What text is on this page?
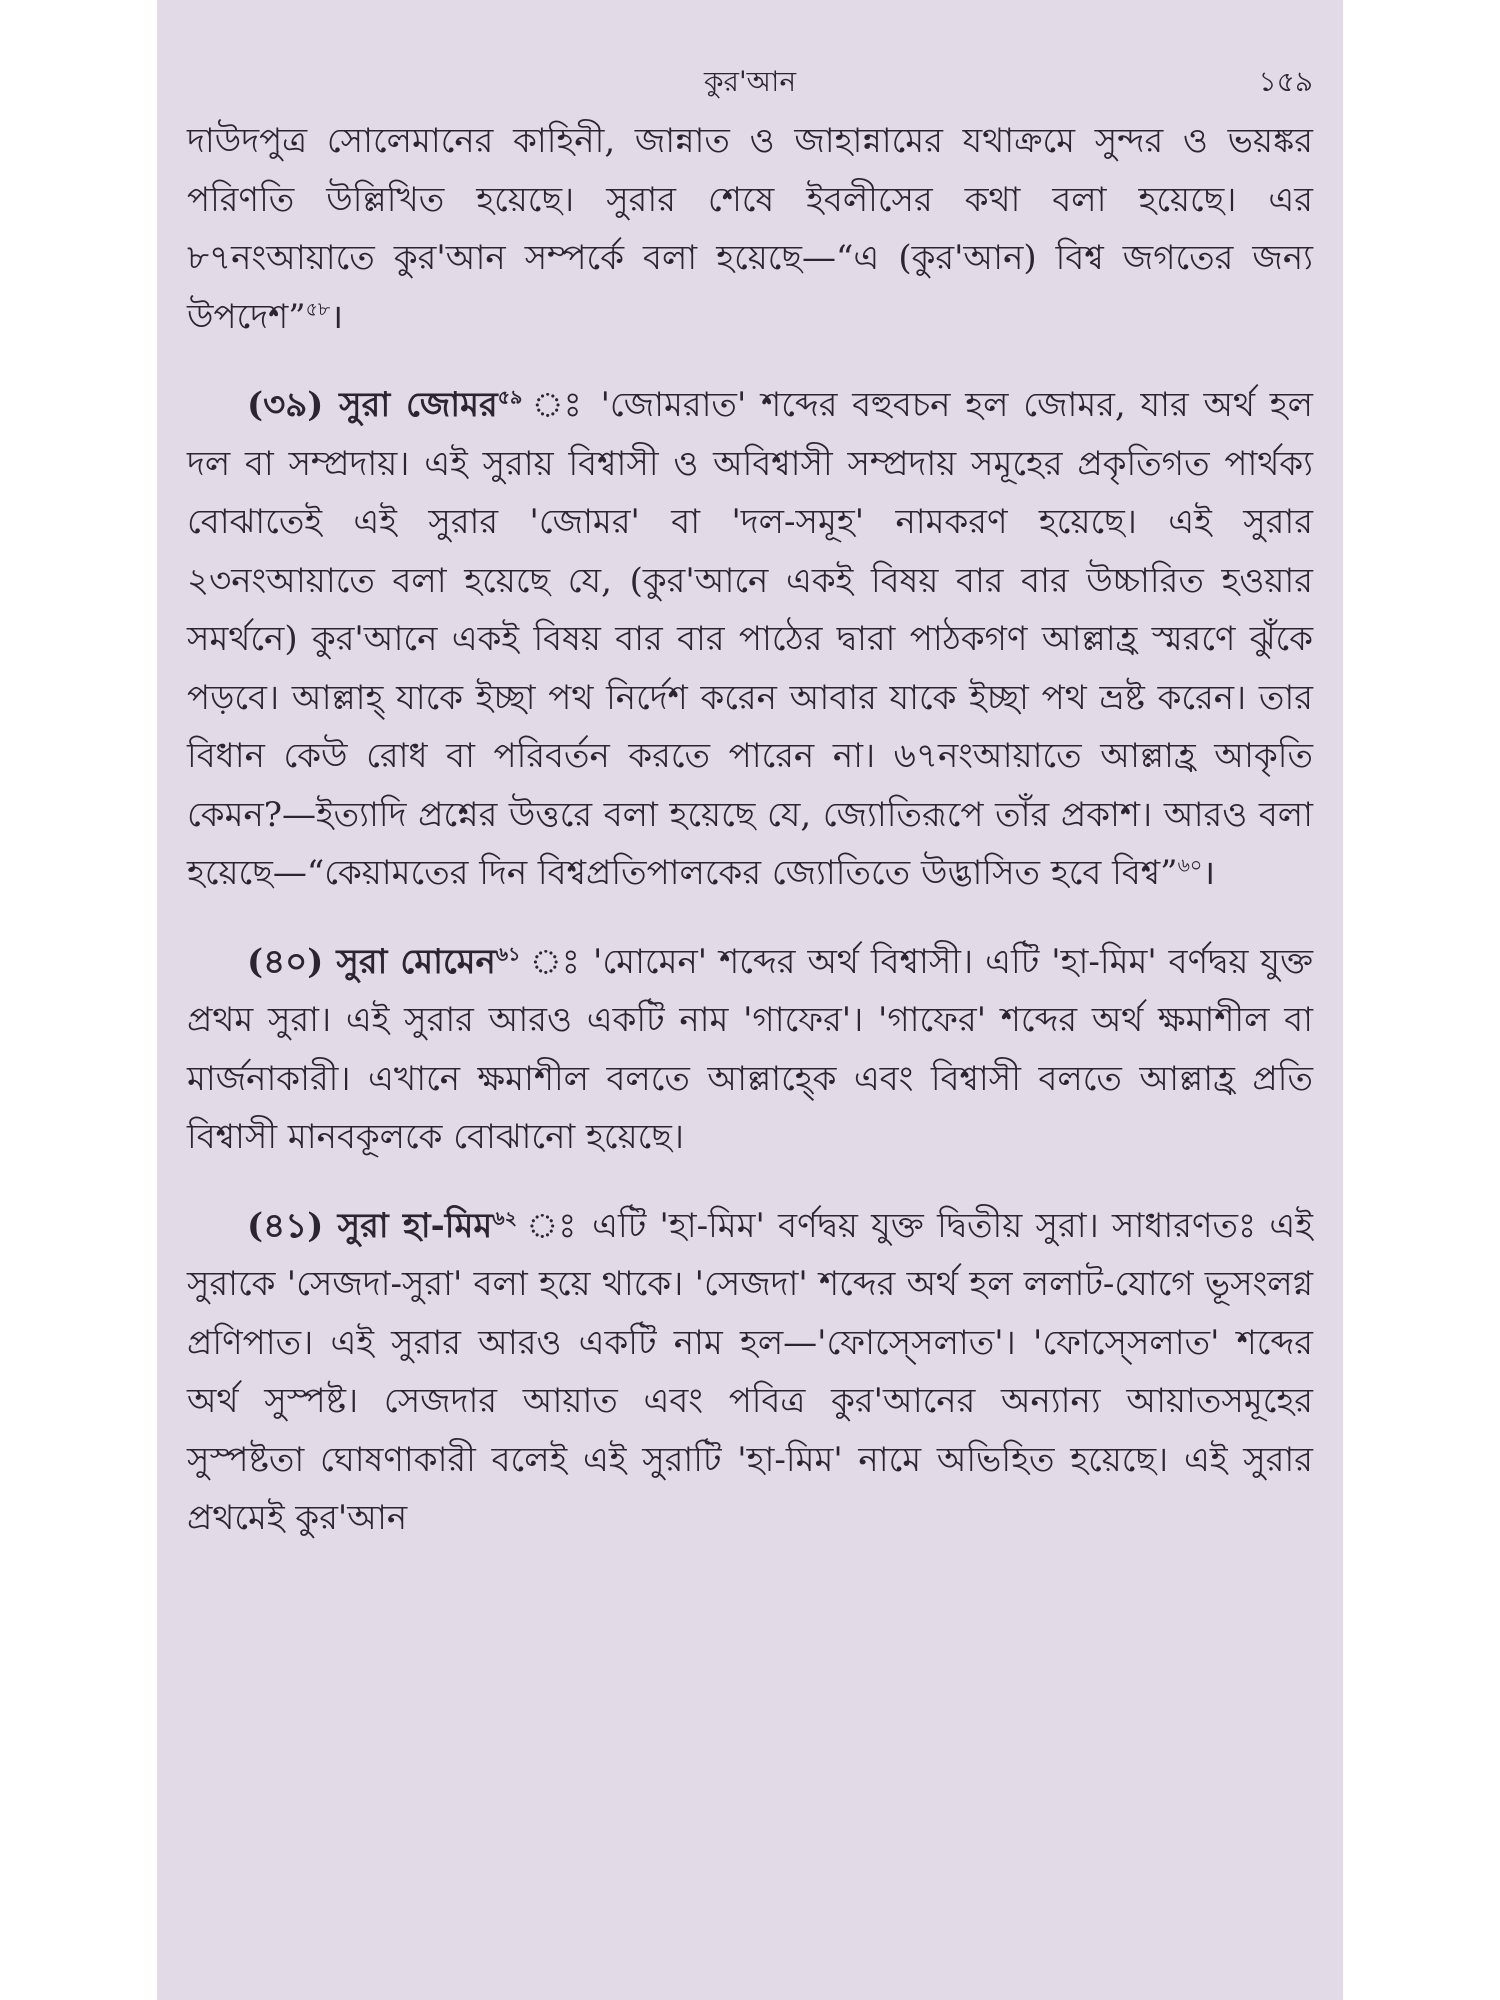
কুর'আন	১৫৯

দাউদপুত্র সোলেমানের কাহিনী, জান্নাত ও জাহান্নামের যথাক্রমে সুন্দর ও ভয়ঙ্কর পরিণতি উল্লিখিত হয়েছে। সুরার শেষে ইবলীসের কথা বলা হয়েছে। এর ৮৭নংআয়াতে কুর'আন সম্পর্কে বলা হয়েছে—“এ (কুর'আন) বিশ্ব জগতের জন্য উপদেশ”$^{৫৮}$।

(৩৯) সুরা জোমর$^{৫৯}$ ঃ 'জোমরাত' শব্দের বহুবচন হল জোমর, যার অর্থ হল দল বা সম্প্রদায়। এই সুরায় বিশ্বাসী ও অবিশ্বাসী সম্প্রদায় সমূহের প্রকৃতিগত পার্থক্য বোঝাতেই এই সুরার 'জোমর' বা 'দল-সমূহ' নামকরণ হয়েছে। এই সুরার ২৩নংআয়াতে বলা হয়েছে যে, (কুর'আনে একই বিষয় বার বার উচ্চারিত হওয়ার সমর্থনে) কুর'আনে একই বিষয় বার বার পাঠের দ্বারা পাঠকগণ আল্লাহ্র স্মরণে ঝুঁকে পড়বে। আল্লাহ্ যাকে ইচ্ছা পথ নির্দেশ করেন আবার যাকে ইচ্ছা পথ ভ্রষ্ট করেন। তার বিধান কেউ রোধ বা পরিবর্তন করতে পারেন না। ৬৭নংআয়াতে আল্লাহ্র আকৃতি কেমন?—ইত্যাদি প্রশ্নের উত্তরে বলা হয়েছে যে, জ্যোতিরূপে তাঁর প্রকাশ। আরও বলা হয়েছে—“কেয়ামতের দিন বিশ্বপ্রতিপালকের জ্যোতিতে উদ্ভাসিত হবে বিশ্ব”$^{৬০}$।

(৪০) সুরা মোমেন$^{৬১}$ ঃ 'মোমেন' শব্দের অর্থ বিশ্বাসী। এটি 'হা-মিম' বর্ণদ্বয় যুক্ত প্রথম সুরা। এই সুরার আরও একটি নাম 'গাফের'। 'গাফের' শব্দের অর্থ ক্ষমাশীল বা মার্জনাকারী। এখানে ক্ষমাশীল বলতে আল্লাহ্কে এবং বিশ্বাসী বলতে আল্লাহ্র প্রতি বিশ্বাসী মানবকূলকে বোঝানো হয়েছে।

(৪১) সুরা হা-মিম$^{৬২}$ ঃ এটি 'হা-মিম' বর্ণদ্বয় যুক্ত দ্বিতীয় সুরা। সাধারণতঃ এই সুরাকে 'সেজদা-সুরা' বলা হয়ে থাকে। 'সেজদা' শব্দের অর্থ হল ললাট-যোগে ভূসংলগ্ন প্রণিপাত। এই সুরার আরও একটি নাম হল—'ফোস্সেলাত'। 'ফোস্সেলাত' শব্দের অর্থ সুস্পষ্ট। সেজদার আয়াত এবং পবিত্র কুর'আনের অন্যান্য আয়াতসমূহের সুস্পষ্টতা ঘোষণাকারী বলেই এই সুরাটি 'হা-মিম' নামে অভিহিত হয়েছে। এই সুরার প্রথমেই কুর'আন
